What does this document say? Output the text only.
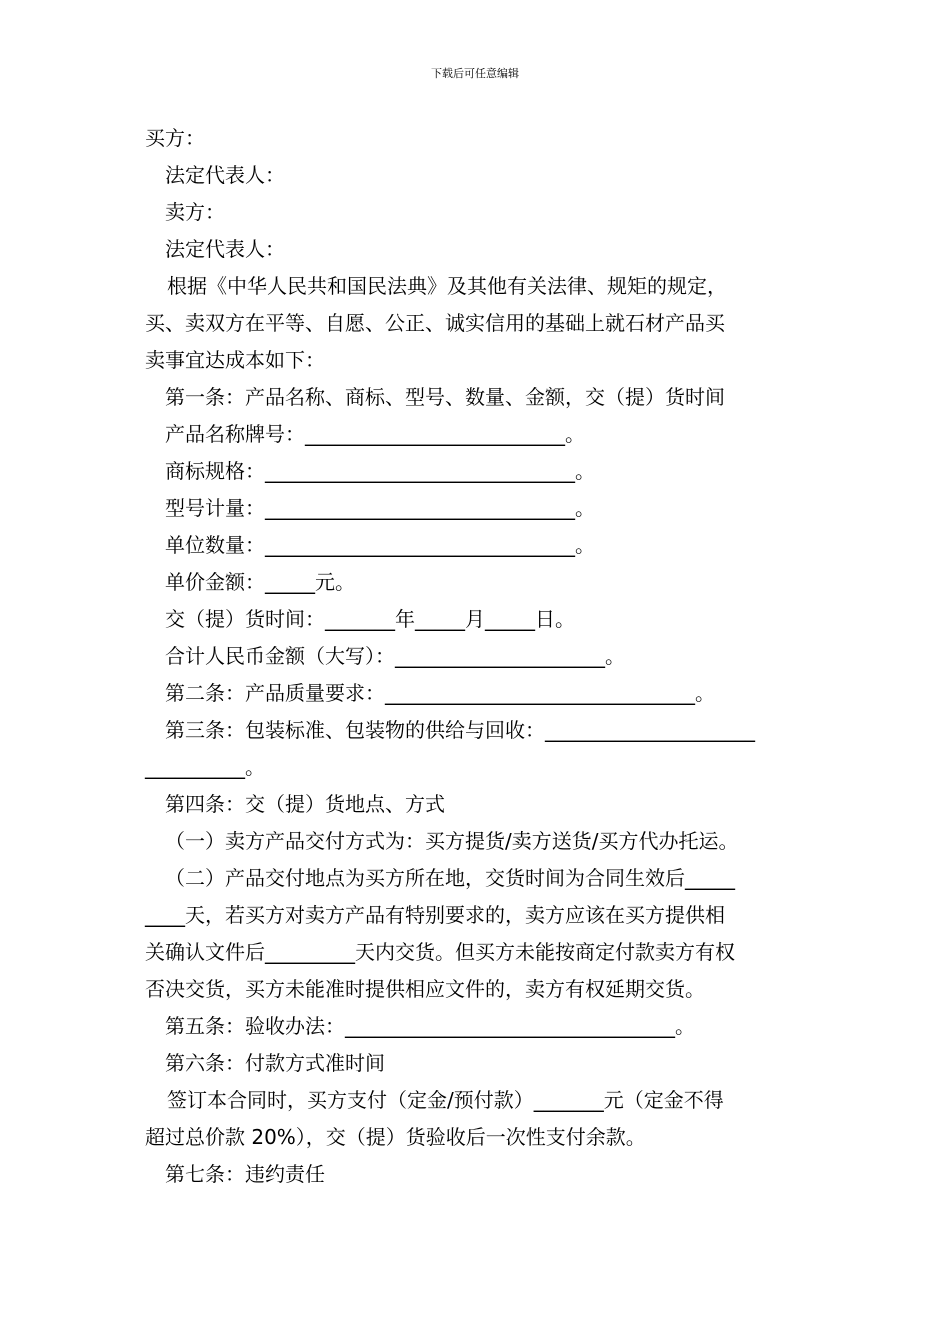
下载后可任意编辑
买方：
法定代表人：
卖方：
法定代表人：
根据《中华人民共和国民法典》及其他有关法律、规矩的规定，
买、卖双方在平等、自愿、公正、诚实信用的基础上就石材产品买
卖事宜达成本如下：
第一条：产品名称、商标、型号、数量、金额，交（提）货时间
产品名称牌号：__________________________。
商标规格：_______________________________。
型号计量：_______________________________。
单位数量：_______________________________。
单价金额：_____元。
交（提）货时间：_______年_____月_____日。
合计人民币金额（大写）：_____________________。
第二条：产品质量要求：_______________________________。
第三条：包装标准、包装物的供给与回收：_____________________
__________。
第四条：交（提）货地点、方式
（一）卖方产品交付方式为：买方提货/卖方送货/买方代办托运。
（二）产品交付地点为买方所在地，交货时间为合同生效后_____
____天，若买方对卖方产品有特别要求的，卖方应该在买方提供相
关确认文件后_________天内交货。但买方未能按商定付款卖方有权
否决交货，买方未能准时提供相应文件的，卖方有权延期交货。
第五条：验收办法：_________________________________。
第六条：付款方式准时间
签订本合同时，买方支付（定金/预付款）_______元（定金不得
超过总价款 20%），交（提）货验收后一次性支付余款。
第七条：违约责任
